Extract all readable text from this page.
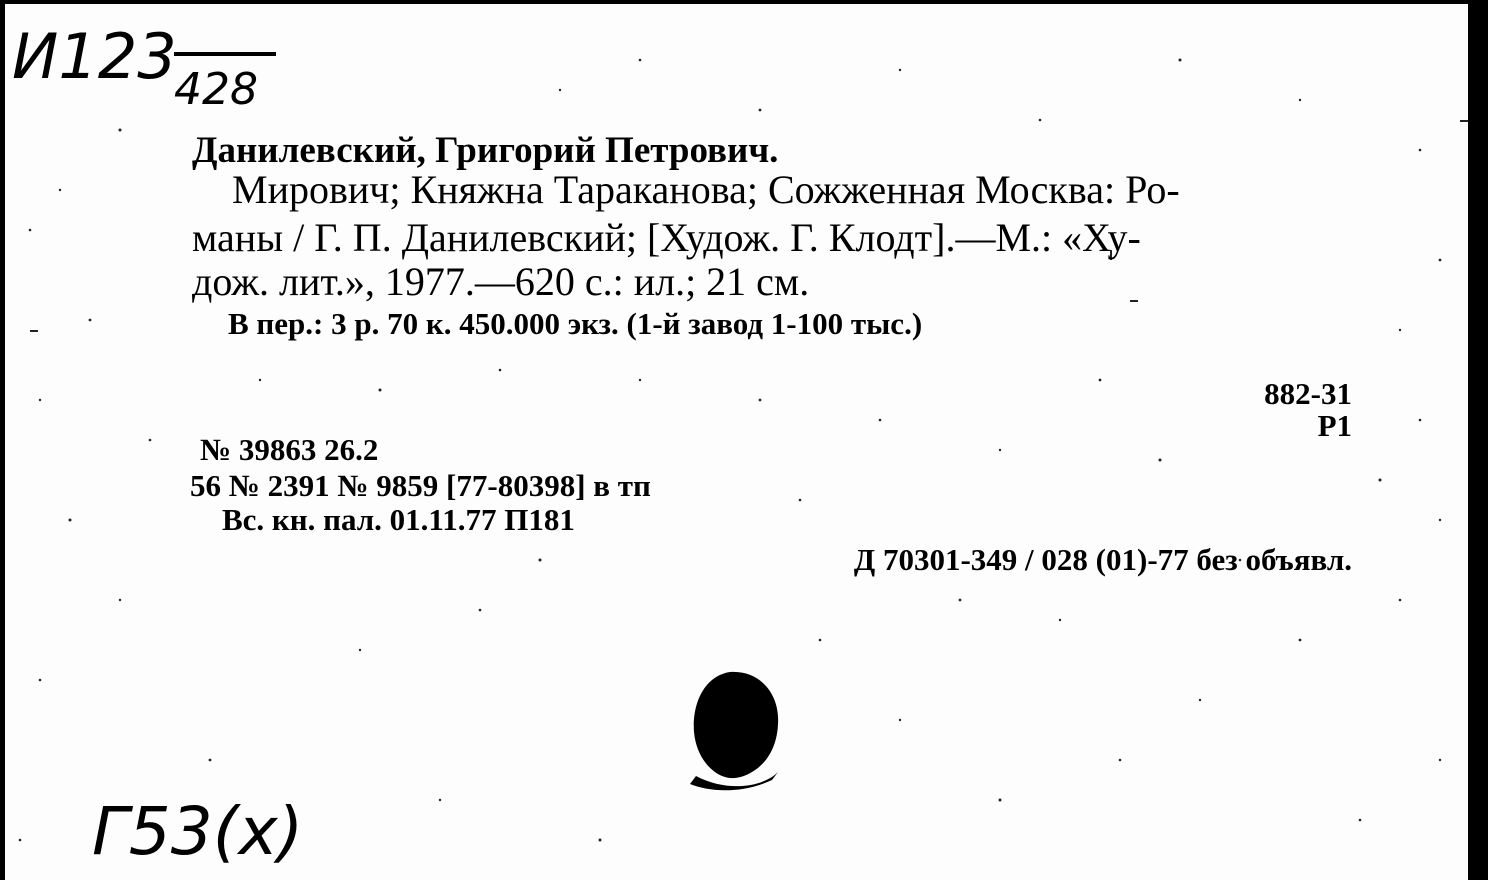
И123
428
Данилевский, Григорий Петрович.
Мирович; Княжна Тараканова; Сожженная Москва: Ро-
маны / Г. П. Данилевский; [Худож. Г. Клодт].—М.: «Ху-
дож. лит.», 1977.—620 с.: ил.; 21 см.
В пер.: 3 р. 70 к. 450.000 экз. (1-й завод 1-100 тыс.)
882-31
Р1
№ 39863 26.2
56 № 2391 № 9859 [77-80398] в тп
Вс. кн. пал. 01.11.77 П181
Д 70301-349 / 028 (01)-77 без объявл.
Г53(х)
